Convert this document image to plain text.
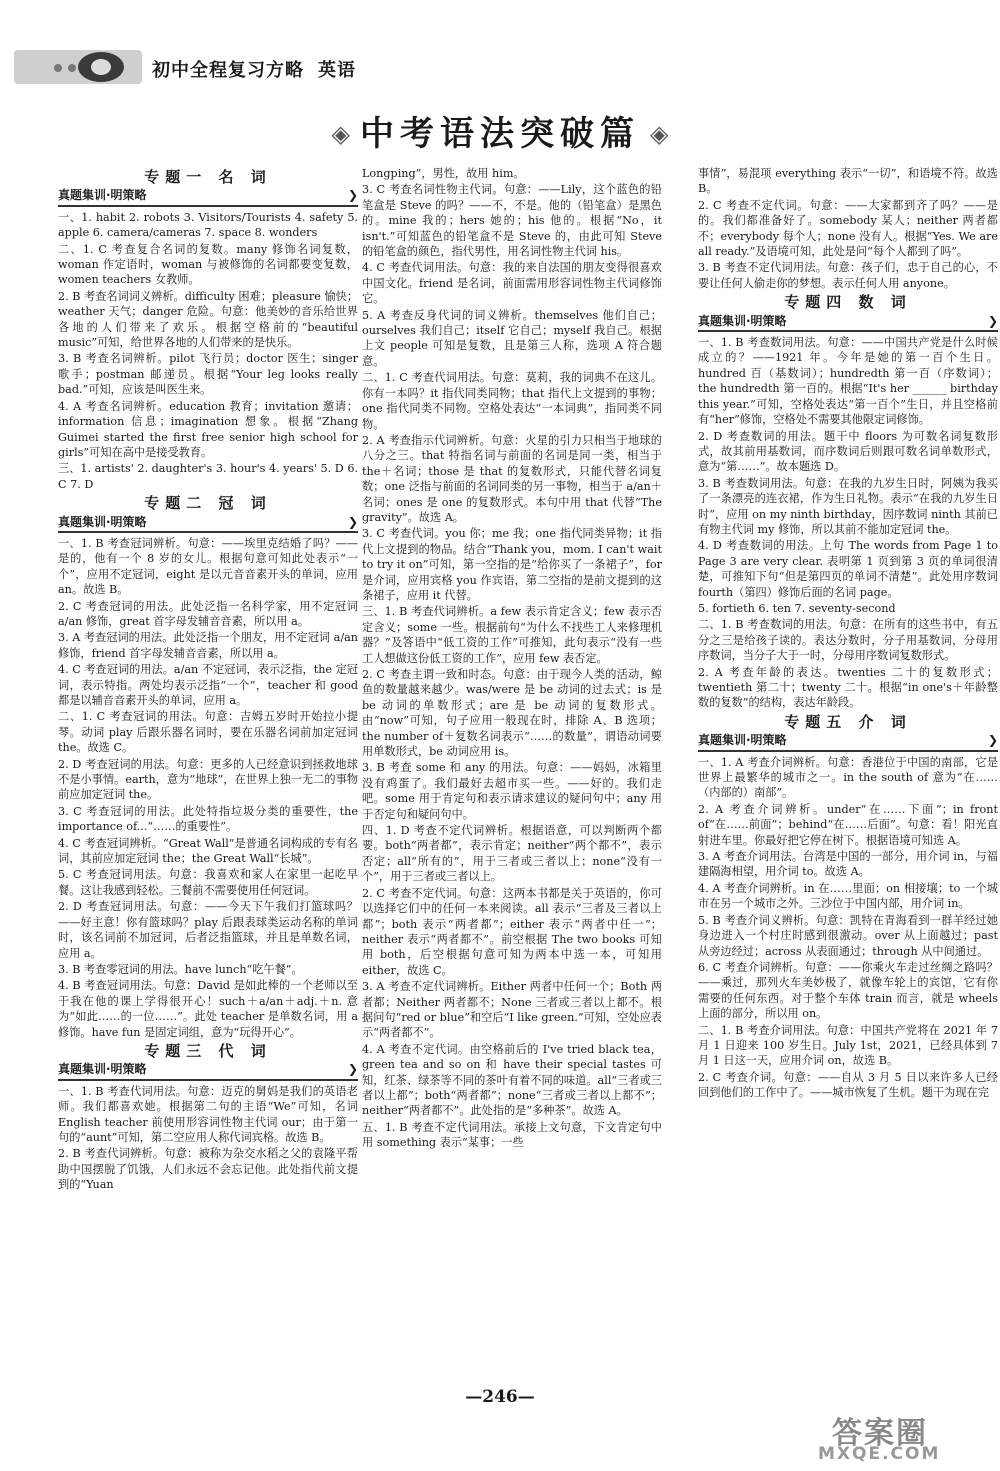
初中全程复习方略 英语
◈ 中考语法突破篇 ◈
专题一 名 词
真题集训·明策略	❯

一、1. habit 2. robots 3. Visitors/Tourists 4. safety 5. apple 6. camera/cameras 7. space 8. wonders

二、1. C 考查复合名词的复数。many 修饰名词复数，woman 作定语时，woman 与被修饰的名词都要变复数，women teachers 女教师。

2. B 考查名词词义辨析。difficulty 困难；pleasure 愉快；weather 天气；danger 危险。句意：他美妙的音乐给世界各地的人们带来了欢乐。根据空格前的“beautiful music”可知，给世界各地的人们带来的是快乐。

3. B 考查名词辨析。pilot 飞行员；doctor 医生；singer 歌手；postman 邮递员。根据“Your leg looks really bad.”可知，应该是叫医生来。

4. A 考查名词辨析。education 教育；invitation 邀请；information 信息；imagination 想象。根据“Zhang Guimei started the first free senior high school for girls”可知在高中是接受教育。

三、1. artists' 2. daughter's 3. hour's 4. years' 5. D 6. C 7. D

专题二 冠 词
真题集训·明策略	❯

一、1. B 考查冠词辨析。句意：——埃里克结婚了吗？——是的，他有一个 8 岁的女儿。根据句意可知此处表示“一个”，应用不定冠词，eight 是以元音音素开头的单词，应用 an。故选 B。

2. C 考查冠词的用法。此处泛指一名科学家，用不定冠词 a/an 修饰，great 首字母发辅音音素，所以用 a。

3. A 考查冠词的用法。此处泛指一个朋友，用不定冠词 a/an 修饰，friend 首字母发辅音音素，所以用 a。

4. C 考查冠词的用法。a/an 不定冠词，表示泛指，the 定冠词，表示特指。两处均表示泛指“一个”，teacher 和 good 都是以辅音音素开头的单词，应用 a。

二、1. C 考查冠词的用法。句意：吉姆五岁时开始拉小提琴。动词 play 后跟乐器名词时，要在乐器名词前加定冠词 the。故选 C。

2. D 考查冠词的用法。句意：更多的人已经意识到拯救地球不是小事情。earth，意为“地球”，在世界上独一无二的事物前应加定冠词 the。

3. C 考查冠词的用法。此处特指垃圾分类的重要性，the importance of...“……的重要性”。

4. C 考查冠词辨析。“Great Wall”是普通名词构成的专有名词，其前应加定冠词 the；the Great Wall“长城”。

5. C 考查冠词用法。句意：我喜欢和家人在家里一起吃早餐。这让我感到轻松。三餐前不需要使用任何冠词。

2. D 考查冠词用法。句意：——今天下午我们打篮球吗？——好主意！你有篮球吗？play 后跟表球类运动名称的单词时，该名词前不加冠词，后者泛指篮球，并且是单数名词，应用 a。

3. B 考查零冠词的用法。have lunch“吃午餐”。

4. B 考查冠词用法。句意：David 是如此棒的一个老师以至于我在他的课上学得很开心！such＋a/an＋adj.＋n. 意为“如此……的一位……”。此处 teacher 是单数名词，用 a 修饰。have fun 是固定词组，意为“玩得开心”。

专题三 代 词
真题集训·明策略	❯

一、1. B 考查代词用法。句意：迈克的舅妈是我们的英语老师。我们都喜欢她。根据第二句的主语“We”可知，名词 English teacher 前使用形容词性物主代词 our；由于第一句的“aunt”可知，第二空应用人称代词宾格。故选 B。

2. B 考查代词辨析。句意：被称为杂交水稻之父的袁隆平帮助中国摆脱了饥饿，人们永远不会忘记他。此处指代前文提到的“Yuan

Longping”，男性，故用 him。

3. C 考查名词性物主代词。句意：——Lily，这个蓝色的铅笔盒是 Steve 的吗？——不，不是。他的（铅笔盒）是黑色的。mine 我的；hers 她的；his 他的。根据“No，it isn't.”可知蓝色的铅笔盒不是 Steve 的，由此可知 Steve 的铅笔盒的颜色，指代男性，用名词性物主代词 his。

4. C 考查代词用法。句意：我的来自法国的朋友变得很喜欢中国文化。friend 是名词，前面需用形容词性物主代词修饰它。

5. A 考查反身代词的词义辨析。themselves 他们自己；ourselves 我们自己；itself 它自己；myself 我自己。根据上文 people 可知是复数，且是第三人称，选项 A 符合题意。

二、1. C 考查代词用法。句意：莫莉，我的词典不在这儿。你有一本吗？it 指代同类同物；that 指代上文提到的事物；one 指代同类不同物。空格处表达“一本词典”，指同类不同物。

2. A 考查指示代词辨析。句意：火星的引力只相当于地球的八分之三。that 特指名词与前面的名词是同一类，相当于 the＋名词；those 是 that 的复数形式，只能代替名词复数；one 泛指与前面的名词同类的另一事物，相当于 a/an＋名词；ones 是 one 的复数形式。本句中用 that 代替“The gravity”。故选 A。

3. C 考查代词。you 你；me 我；one 指代同类异物；it 指代上文提到的物品。结合“Thank you，mom. I can't wait to try it on”可知，第一空指的是“给你买了一条裙子”，for 是介词，应用宾格 you 作宾语，第二空指的是前文提到的这条裙子，应用 it 代替。

三、1. B 考查代词辨析。a few 表示肯定含义；few 表示否定含义；some 一些。根据前句“为什么不找些工人来修理机器？”及答语中“低工资的工作”可推知，此句表示“没有一些工人想做这份低工资的工作”，应用 few 表否定。

2. C 考查主谓一致和时态。句意：由于现今人类的活动，鲸鱼的数量越来越少。was/were 是 be 动词的过去式；is 是 be 动词的单数形式；are 是 be 动词的复数形式。由“now”可知，句子应用一般现在时，排除 A、B 选项；the number of＋复数名词表示“……的数量”，谓语动词要用单数形式，be 动词应用 is。

3. B 考查 some 和 any 的用法。句意：——妈妈，冰箱里没有鸡蛋了。我们最好去超市买一些。——好的。我们走吧。some 用于肯定句和表示请求建议的疑问句中；any 用于否定句和疑问句中。

四、1. D 考查不定代词辨析。根据语意，可以判断两个都要。both“两者都”，表示肯定；neither“两个都不”，表示否定；all“所有的”，用于三者或三者以上；none“没有一个”，用于三者或三者以上。

2. C 考查不定代词。句意：这两本书都是关于英语的，你可以选择它们中的任何一本来阅读。all 表示“三者及三者以上都”；both 表示“两者都”；either 表示“两者中任一”；neither 表示“两者都不”。前空根据 The two books 可知用 both，后空根据句意可知为两本中选一本，可知用 either，故选 C。

3. A 考查不定代词辨析。Either 两者中任何一个；Both 两者都；Neither 两者都不；None 三者或三者以上都不。根据问句“red or blue”和空后“I like green.”可知，空处应表示“两者都不”。

4. A 考查不定代词。由空格前后的 I've tried black tea，green tea and so on 和 have their special tastes 可知，红茶、绿茶等不同的茶叶有着不同的味道。all“三者或三者以上都”；both“两者都”；none“三者或三者以上都不”；neither“两者都不”。此处指的是“多种茶”。故选 A。

五、1. B 考查不定代词用法。承接上文句意，下文肯定句中用 something 表示“某事；一些

事情”，易混项 everything 表示“一切”，和语境不符。故选 B。

2. C 考查不定代词。句意：——大家都到齐了吗？——是的。我们都准备好了。somebody 某人；neither 两者都不；everybody 每个人；none 没有人。根据“Yes. We are all ready.”及语境可知，此处是问“每个人都到了吗”。

3. B 考查不定代词用法。句意：孩子们，忠于自己的心，不要让任何人偷走你的梦想。表示任何人用 anyone。

专题四 数 词
真题集训·明策略	❯

一、1. B 考查数词用法。句意：——中国共产党是什么时候成立的？——1921 年。今年是她的第一百个生日。hundred 百（基数词）；hundredth 第一百（序数词）；the hundredth 第一百的。根据“It's her ______ birthday this year.”可知，空格处表达“第一百个”生日，并且空格前有“her”修饰，空格处不需要其他限定词修饰。

2. D 考查数词的用法。题干中 floors 为可数名词复数形式，故其前用基数词，而序数词后则跟可数名词单数形式，意为“第……”。故本题选 D。

3. B 考查数词用法。句意：在我的九岁生日时，阿姨为我买了一条漂亮的连衣裙，作为生日礼物。表示“在我的九岁生日时”，应用 on my ninth birthday，因序数词 ninth 其前已有物主代词 my 修饰，所以其前不能加定冠词 the。

4. D 考查数词的用法。上句 The words from Page 1 to Page 3 are very clear. 表明第 1 页到第 3 页的单词很清楚，可推知下句“但是第四页的单词不清楚”。此处用序数词 fourth（第四）修饰后面的名词 page。

5. fortieth 6. ten 7. seventy-second

二、1. B 考查数词的用法。句意：在所有的这些书中，有五分之三是给孩子读的。表达分数时，分子用基数词，分母用序数词，当分子大于一时，分母用序数词复数形式。

2. A 考查年龄的表达。twenties 二十的复数形式；twentieth 第二十；twenty 二十。根据“in one's＋年龄整数的复数”的结构，表达年龄段。

专题五 介 词
真题集训·明策略	❯

一、1. A 考查介词辨析。句意：香港位于中国的南部，它是世界上最繁华的城市之一。in the south of 意为“在……（内部的）南部”。

2. A 考查介词辨析。under“在……下面”；in front of“在……前面”；behind“在……后面”。句意：看！阳光直射进车里。你最好把它停在树下。根据语境可知选 A。

3. A 考查介词用法。台湾是中国的一部分，用介词 in，与福建隔海相望，用介词 to。故选 A。

4. A 考查介词辨析。in 在……里面；on 相接壤；to 一个城市在另一个城市之外。三沙位于中国内部，用介词 in。

5. B 考查介词义辨析。句意：凯特在青海看到一群羊经过她身边进入一个村庄时感到很激动。over 从上面越过；past 从旁边经过；across 从表面通过；through 从中间通过。

6. C 考查介词辨析。句意：——你乘火车走过丝绸之路吗？——乘过，那列火车美妙极了，就像车轮上的宾馆，它有你需要的任何东西。对于整个车体 train 而言，就是 wheels 上面的部分，所以用 on。

二、1. B 考查介词用法。句意：中国共产党将在 2021 年 7 月 1 日迎来 100 岁生日。July 1st，2021，已经具体到 7 月 1 日这一天，应用介词 on，故选 B。

2. C 考查介词。句意：——自从 3 月 5 日以来许多人已经回到他们的工作中了。——城市恢复了生机。题干为现在完

—246—
答案圈
MXQE.COM
